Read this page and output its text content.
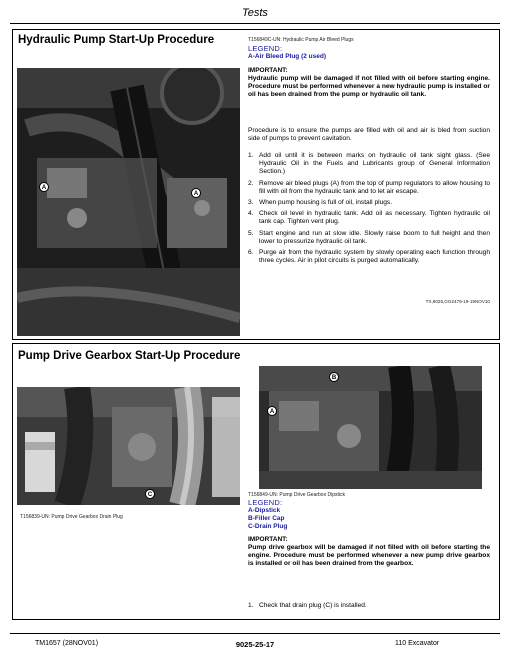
Tests
Hydraulic Pump Start-Up Procedure
A
A
T156849C-UN: Hydraulic Pump Air Bleed Plugs
LEGEND:
A-Air Bleed Plug (2 used)
IMPORTANT:
Hydraulic pump will be damaged if not filled with oil before starting engine. Procedure must be performed whenever a new hydraulic pump is installed or oil has been drained from the pump or hydraulic oil tank.
Procedure is to ensure the pumps are filled with oil and air is bled from suction side of pumps to prevent cavitation.
1. Add oil until it is between marks on hydraulic oil tank sight glass. (See Hydraulic Oil in the Fuels and Lubricants group of General Information Section.)
2. Remove air bleed plugs (A) from the top of pump regulators to allow housing to fill with oil from the hydraulic tank and to let air escape.
3. When pump housing is full of oil, install plugs.
4. Check oil level in hydraulic tank. Add oil as necessary. Tighten hydraulic oil tank cap. Tighten vent plug.
5. Start engine and run at slow idle. Slowly raise boom to full height and then lower to pressurize hydraulic oil tank.
6. Purge air from the hydraulic system by slowly operating each function through three cycles. Air in pilot circuits is purged automatically.
TX,9025,GG2479-19-19NOV10
Pump Drive Gearbox Start-Up Procedure
C
T156839-UN: Pump Drive Gearbox Drain Plug
B
A
T156849-UN: Pump Drive Gearbox Dipstick
LEGEND:
A-Dipstick
B-Filler Cap
C-Drain Plug
IMPORTANT:
Pump drive gearbox will be damaged if not filled with oil before starting the engine. Procedure must be performed whenever a new pump drive gearbox is installed or oil has been drained from the gearbox.
1. Check that drain plug (C) is installed.
TM1657 (28NOV01)	9025-25-17	110 Excavator
